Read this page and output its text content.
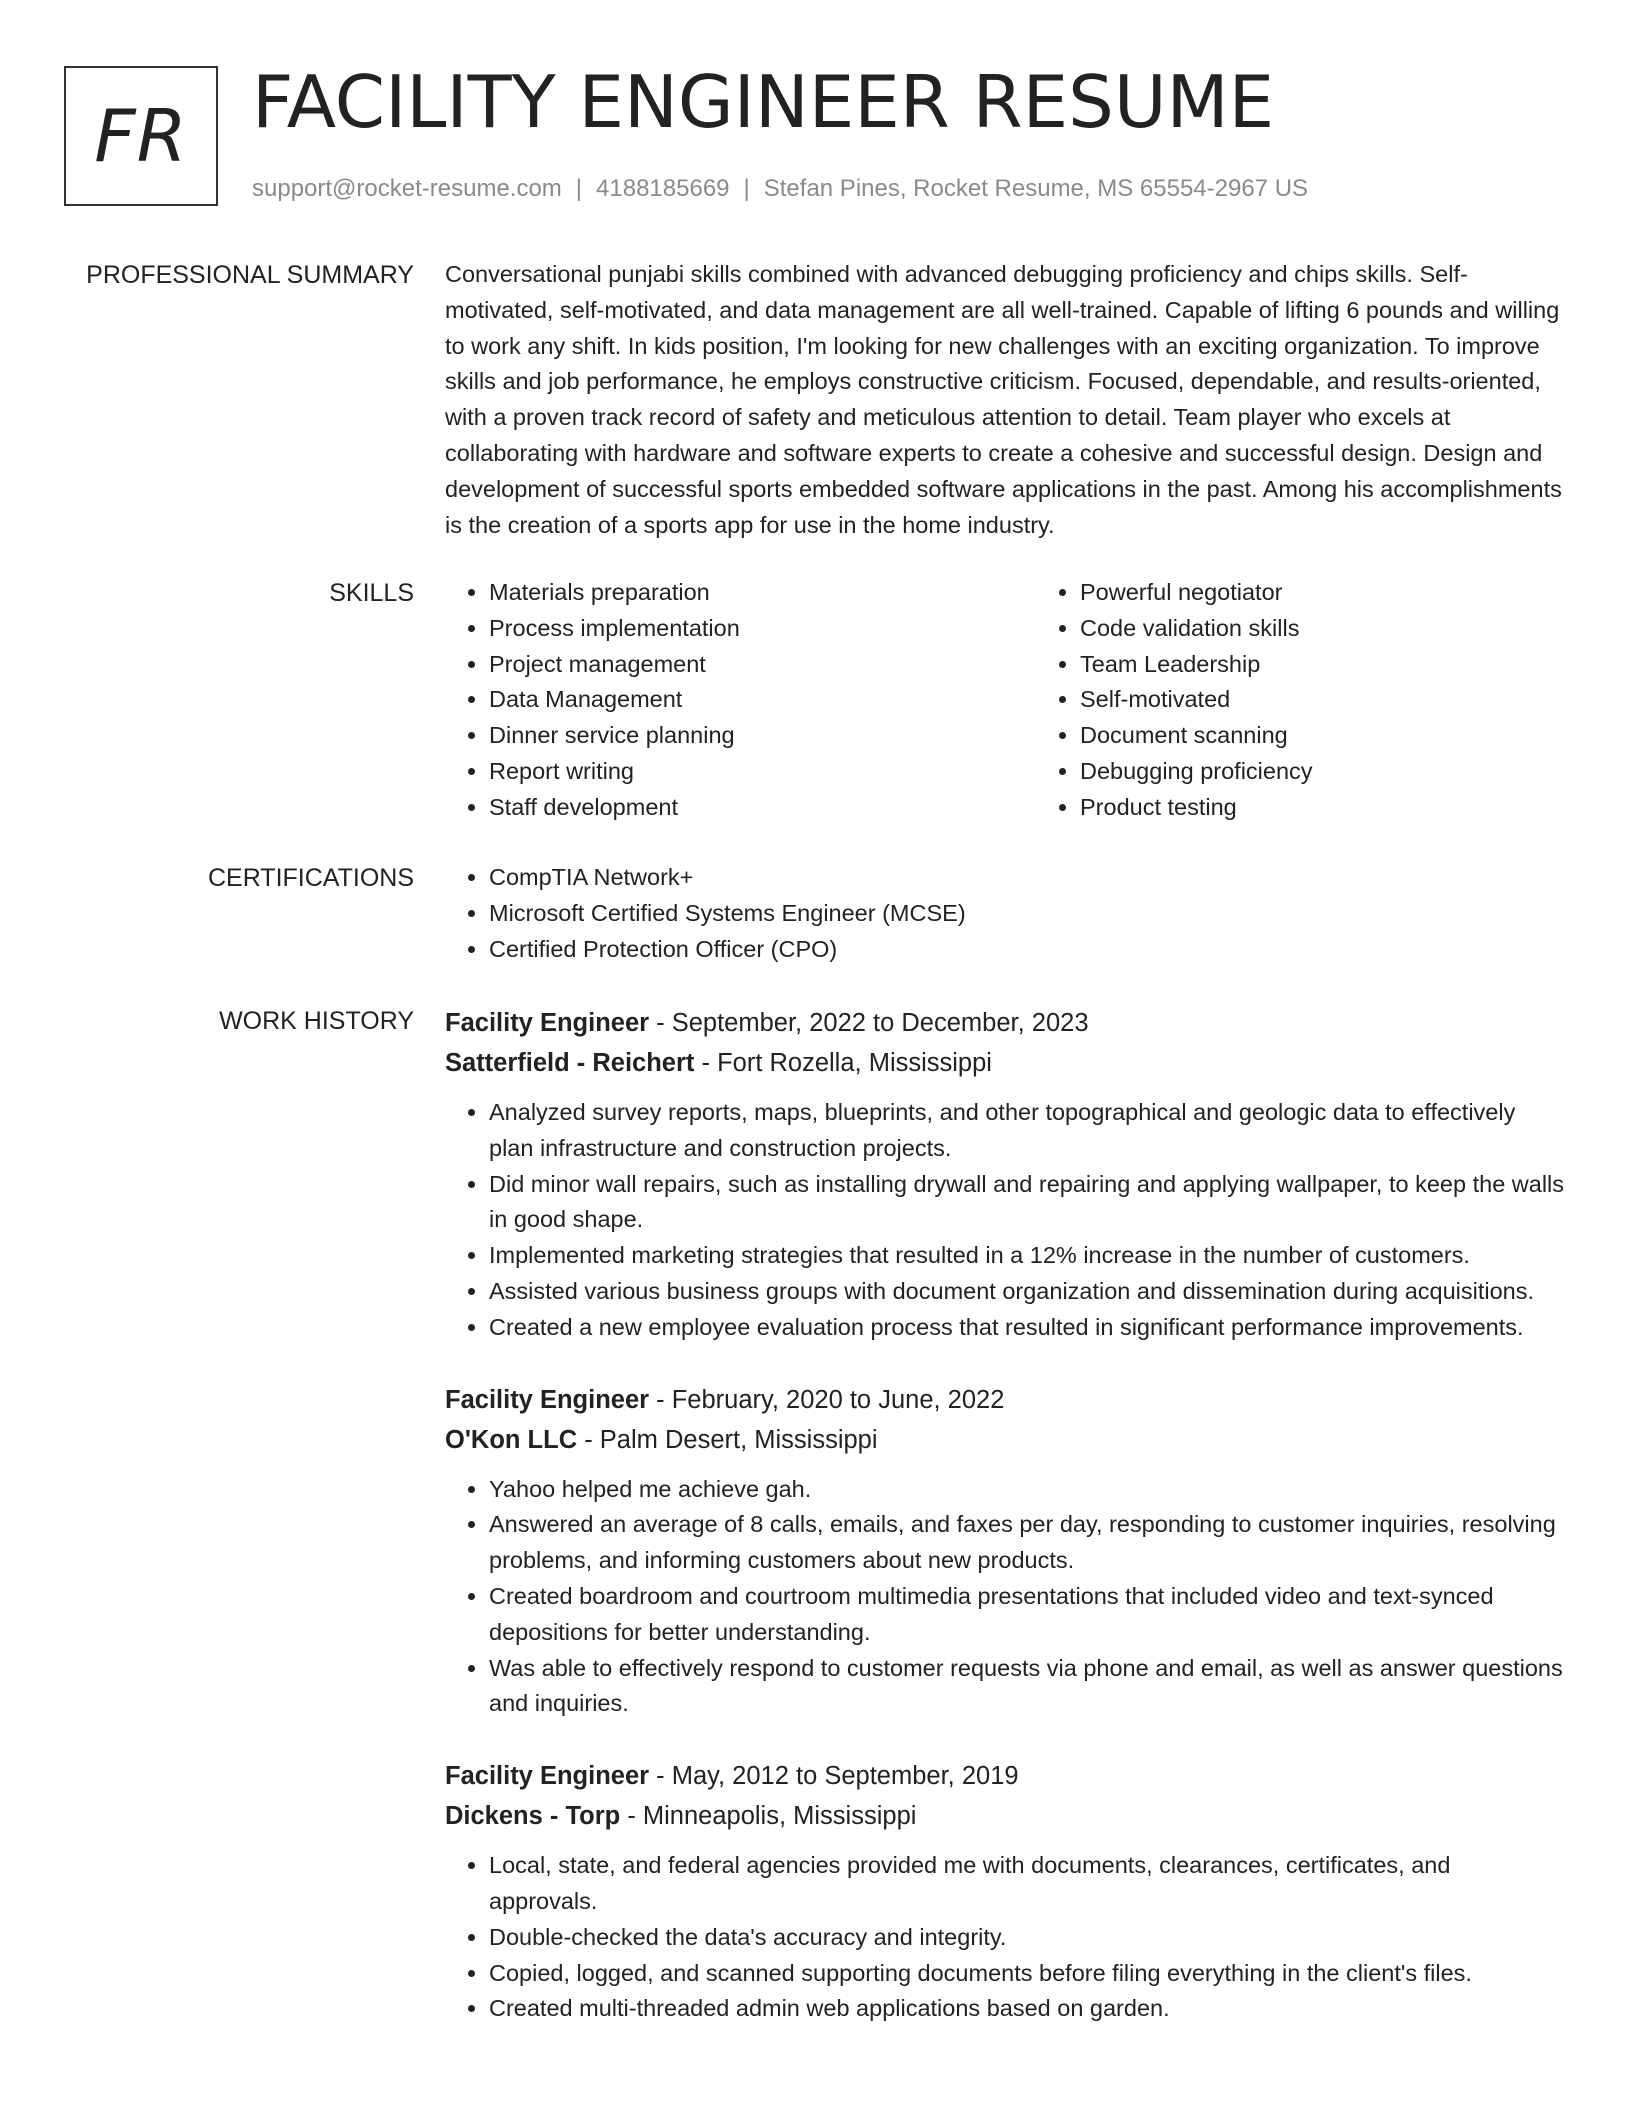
FR FACILITY ENGINEER RESUME

support@rocket-resume.com | 4188185669 | Stefan Pines, Rocket Resume, MS 65554-2967 US

PROFESSIONAL SUMMARY Conversational punjabi skills combined with advanced debugging proficiency and chips skills. Self-motivated, self-motivated, and data management are all well-trained. Capable of lifting 6 pounds and willing to work any shift. In kids position, I'm looking for new challenges with an exciting organization. To improve skills and job performance, he employs constructive criticism. Focused, dependable, and results-oriented, with a proven track record of safety and meticulous attention to detail. Team player who excels at collaborating with hardware and software experts to create a cohesive and successful design. Design and development of successful sports embedded software applications in the past. Among his accomplishments is the creation of a sports app for use in the home industry.

SKILLS	• Materials preparation
• Process implementation
• Project management
• Data Management
• Dinner service planning
• Report writing
• Staff development
• Powerful negotiator
• Code validation skills
• Team Leadership
• Self-motivated
• Document scanning
• Debugging proficiency
• Product testing
CERTIFICATIONS	• CompTIA Network+
• Microsoft Certified Systems Engineer (MCSE)
• Certified Protection Officer (CPO)
WORK HISTORY Facility Engineer - September, 2022 to December, 2023

Satterfield - Reichert - Fort Rozella, Mississippi

• Analyzed survey reports, maps, blueprints, and other topographical and geologic data to effectively plan infrastructure and construction projects.
• Did minor wall repairs, such as installing drywall and repairing and applying wallpaper, to keep the walls in good shape.
• Implemented marketing strategies that resulted in a 12% increase in the number of customers.
• Assisted various business groups with document organization and dissemination during acquisitions.
• Created a new employee evaluation process that resulted in significant performance improvements.

Facility Engineer - February, 2020 to June, 2022

O'Kon LLC - Palm Desert, Mississippi

• Yahoo helped me achieve gah.
• Answered an average of 8 calls, emails, and faxes per day, responding to customer inquiries, resolving problems, and informing customers about new products.
• Created boardroom and courtroom multimedia presentations that included video and text-synced depositions for better understanding.
• Was able to effectively respond to customer requests via phone and email, as well as answer questions and inquiries.

Facility Engineer - May, 2012 to September, 2019

Dickens - Torp - Minneapolis, Mississippi

• Local, state, and federal agencies provided me with documents, clearances, certificates, and approvals.
• Double-checked the data's accuracy and integrity.
• Copied, logged, and scanned supporting documents before filing everything in the client's files.
• Created multi-threaded admin web applications based on garden.
